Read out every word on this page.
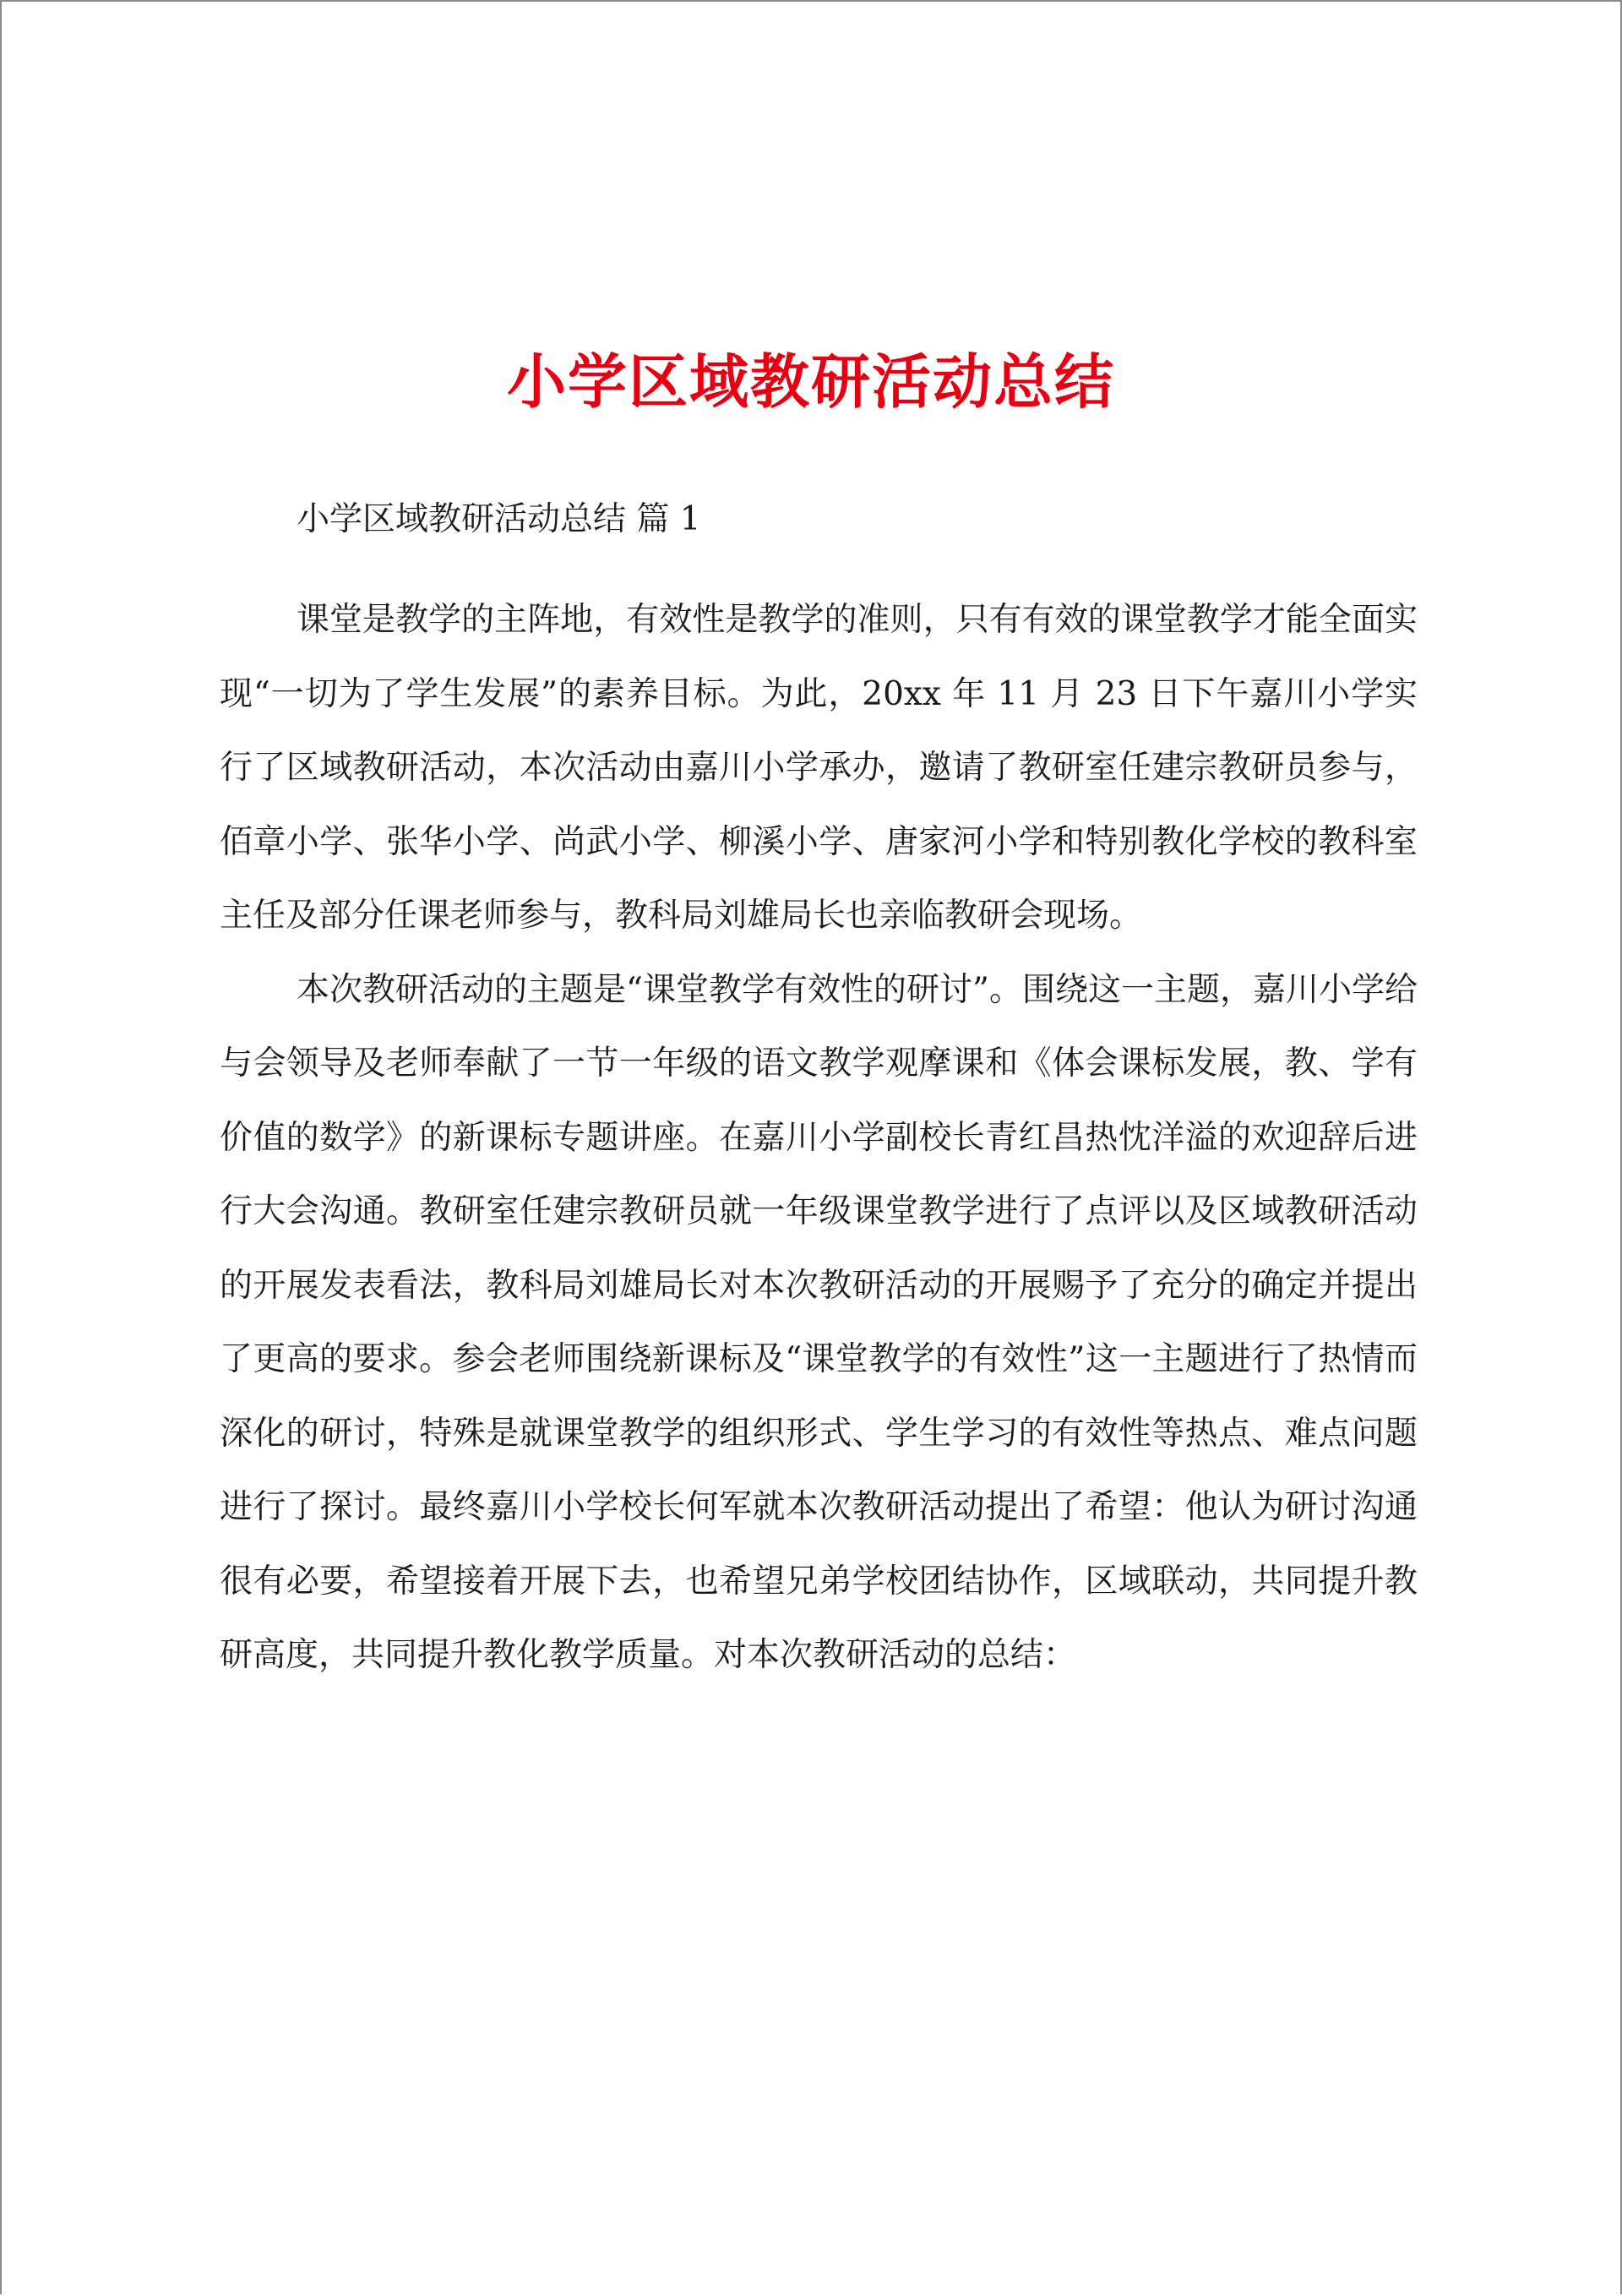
小学区域教研活动总结

小学区域教研活动总结 篇 1

课堂是教学的主阵地，有效性是教学的准则，只有有效的课堂教学才能全面实现“一切为了学生发展”的素养目标。为此，20xx 年 11 月 23 日下午嘉川小学实行了区域教研活动，本次活动由嘉川小学承办，邀请了教研室任建宗教研员参与，佰章小学、张华小学、尚武小学、柳溪小学、唐家河小学和特别教化学校的教科室主任及部分任课老师参与，教科局刘雄局长也亲临教研会现场。

本次教研活动的主题是“课堂教学有效性的研讨”。围绕这一主题，嘉川小学给与会领导及老师奉献了一节一年级的语文教学观摩课和《体会课标发展，教、学有价值的数学》的新课标专题讲座。在嘉川小学副校长青红昌热忱洋溢的欢迎辞后进行大会沟通。教研室任建宗教研员就一年级课堂教学进行了点评以及区域教研活动的开展发表看法，教科局刘雄局长对本次教研活动的开展赐予了充分的确定并提出了更高的要求。参会老师围绕新课标及“课堂教学的有效性”这一主题进行了热情而深化的研讨，特殊是就课堂教学的组织形式、学生学习的有效性等热点、难点问题进行了探讨。最终嘉川小学校长何军就本次教研活动提出了希望：他认为研讨沟通很有必要，希望接着开展下去，也希望兄弟学校团结协作，区域联动，共同提升教研高度，共同提升教化教学质量。对本次教研活动的总结：
